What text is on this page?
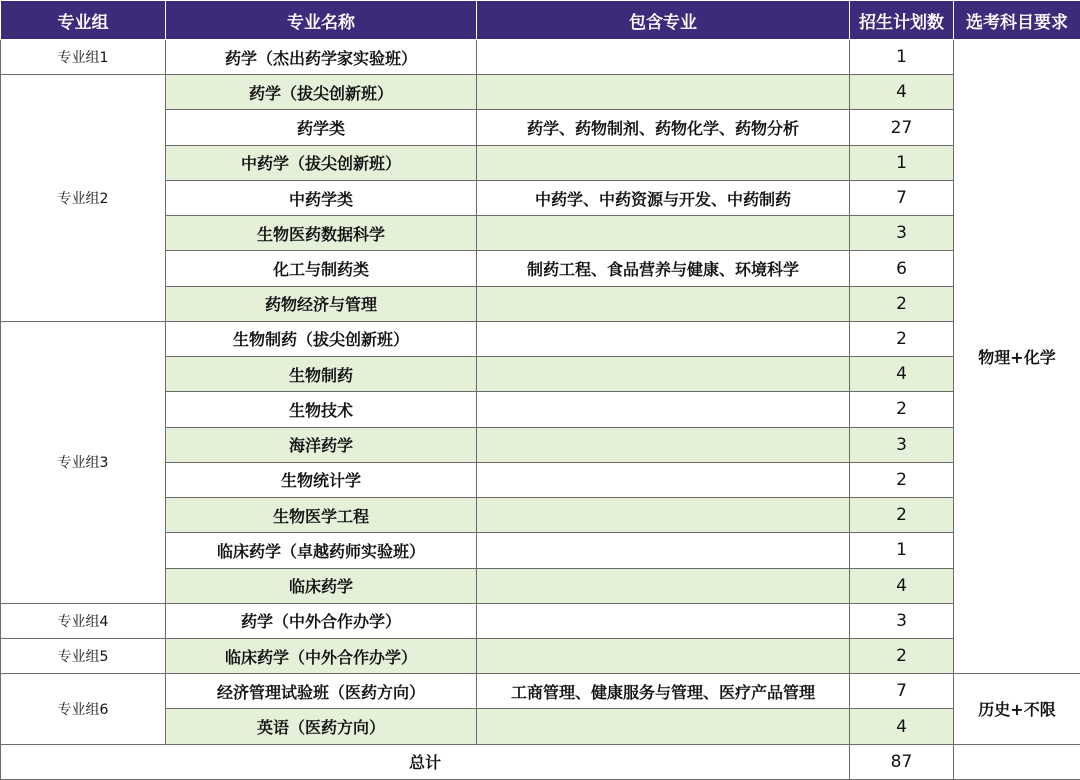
专业组	专业名称	包含专业	招生计划数	选考科目要求
专业组1	药学（杰出药学家实验班）		1	物理+化学
专业组2	药学（拔尖创新班）		4	
	药学类	药学、药物制剂、药物化学、药物分析	27	
	中药学（拔尖创新班）		1	
	中药学类	中药学、中药资源与开发、中药制药	7	
	生物医药数据科学		3	
	化工与制药类	制药工程、食品营养与健康、环境科学	6	
	药物经济与管理		2	
专业组3	生物制药（拔尖创新班）		2	
	生物制药		4	
	生物技术		2	
	海洋药学		3	
	生物统计学		2	
	生物医学工程		2	
	临床药学（卓越药师实验班）		1	
	临床药学		4	
专业组4	药学（中外合作办学）		3	
专业组5	临床药学（中外合作办学）		2	
专业组6	经济管理试验班（医药方向）	工商管理、健康服务与管理、医疗产品管理	7	历史+不限
	英语（医药方向）		4	
总计			87	
